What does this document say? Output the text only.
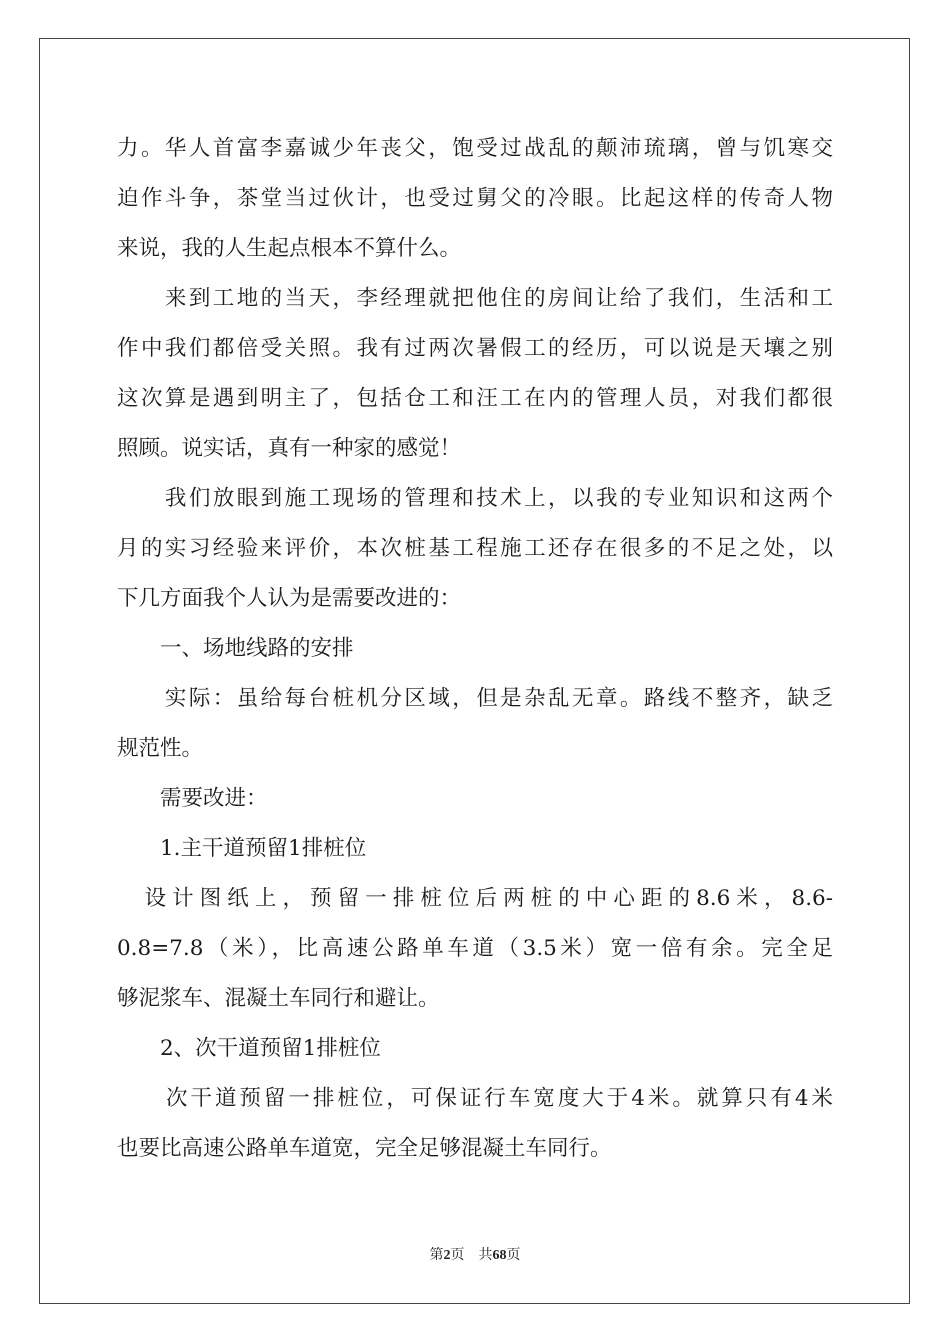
力。华人首富李嘉诚少年丧父，饱受过战乱的颠沛琉璃，曾与饥寒交

迫作斗争，茶堂当过伙计，也受过舅父的冷眼。比起这样的传奇人物

来说，我的人生起点根本不算什么。

　　来到工地的当天，李经理就把他住的房间让给了我们，生活和工

作中我们都倍受关照。我有过两次暑假工的经历，可以说是天壤之别

这次算是遇到明主了，包括仓工和汪工在内的管理人员，对我们都很

照顾。说实话，真有一种家的感觉！

　　我们放眼到施工现场的管理和技术上，以我的专业知识和这两个

月的实习经验来评价，本次桩基工程施工还存在很多的不足之处，以

下几方面我个人认为是需要改进的：

　　一、场地线路的安排

　　实际：虽给每台桩机分区域，但是杂乱无章。路线不整齐，缺乏

规范性。

　　需要改进：

　　1.主干道预留1排桩位

　设计图纸上，预留一排桩位后两桩的中心距的8.6米，8.6-

0.8=7.8（米），比高速公路单车道（3.5米）宽一倍有余。完全足

够泥浆车、混凝土车同行和避让。

　　2、次干道预留1排桩位

　　次干道预留一排桩位，可保证行车宽度大于4米。就算只有4米

也要比高速公路单车道宽，完全足够混凝土车同行。

第2页　共68页
